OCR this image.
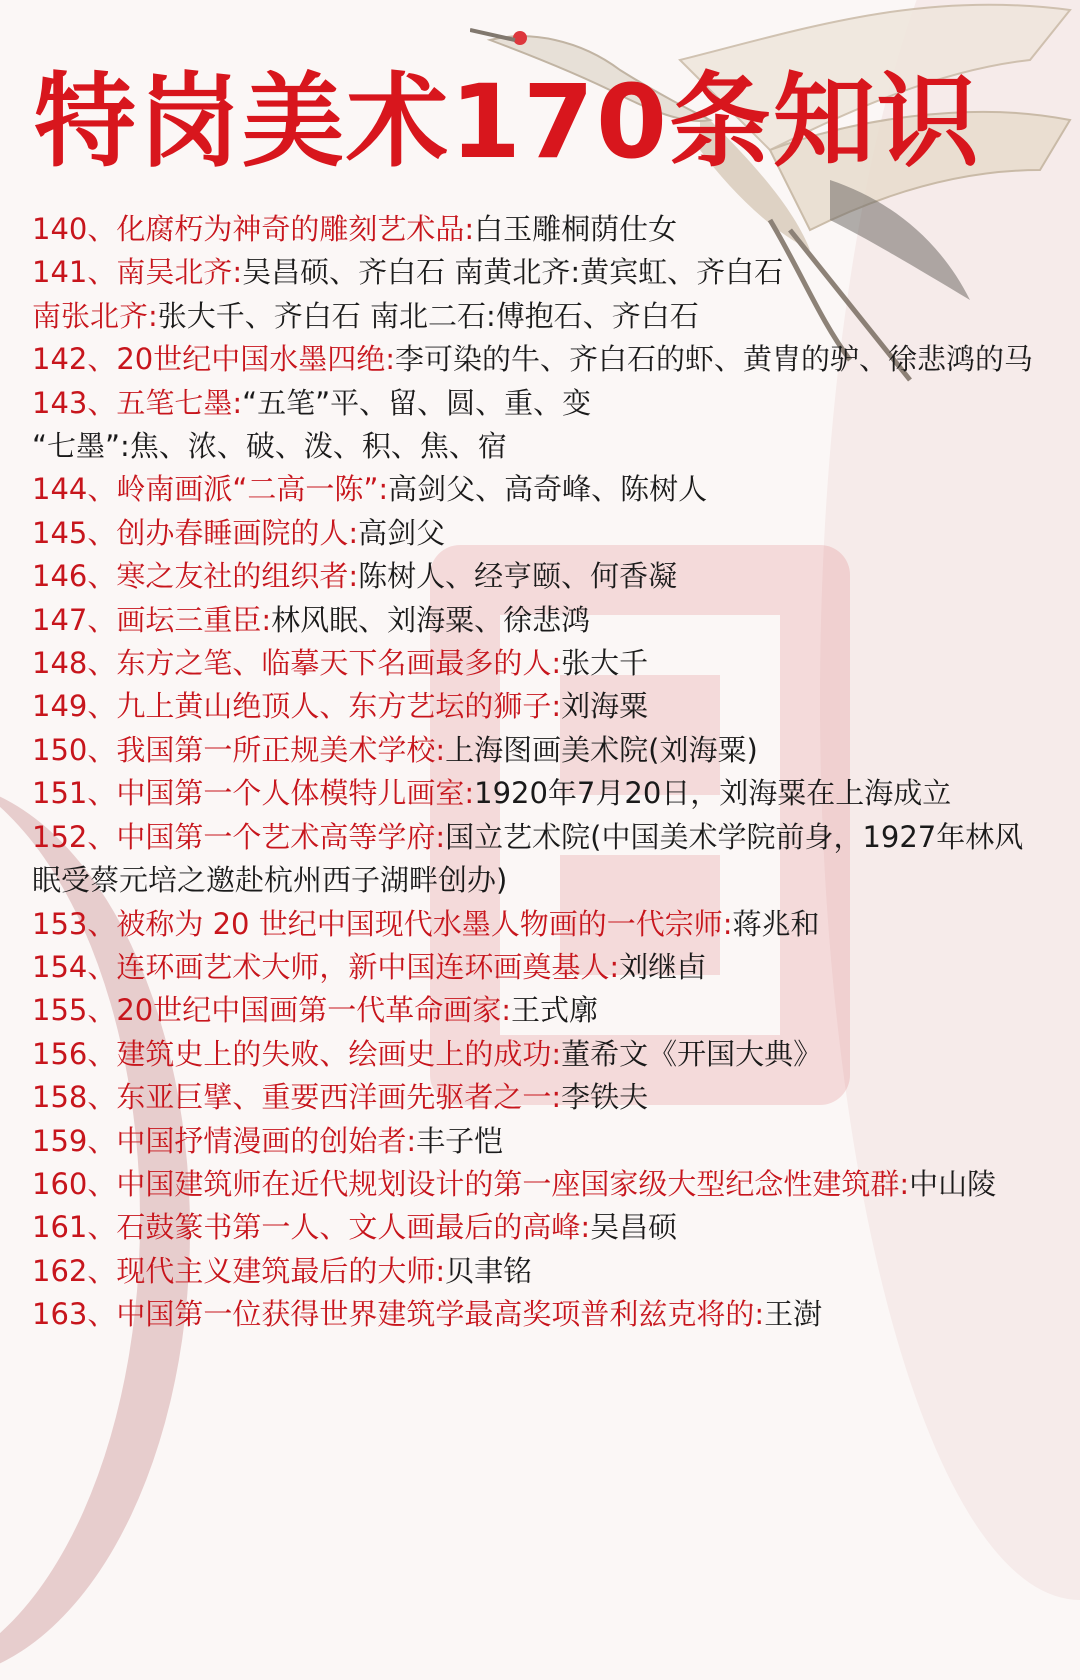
特岗美术170条知识
140、化腐朽为神奇的雕刻艺术品:白玉雕桐荫仕女
141、南吴北齐:吴昌硕、齐白石 南黄北齐:黄宾虹、齐白石
南张北齐:张大千、齐白石 南北二石:傅抱石、齐白石
142、20世纪中国水墨四绝:李可染的牛、齐白石的虾、黄胄的驴、徐悲鸿的马
143、五笔七墨:“五笔”平、留、圆、重、变
“七墨”:焦、浓、破、泼、积、焦、宿
144、岭南画派“二高一陈”:高剑父、高奇峰、陈树人
145、创办春睡画院的人:高剑父
146、寒之友社的组织者:陈树人、经亨颐、何香凝
147、画坛三重臣:林风眠、刘海粟、徐悲鸿
148、东方之笔、临摹天下名画最多的人:张大千
149、九上黄山绝顶人、东方艺坛的狮子:刘海粟
150、我国第一所正规美术学校:上海图画美术院(刘海粟)
151、中国第一个人体模特儿画室:1920年7月20日，刘海粟在上海成立
152、中国第一个艺术高等学府:国立艺术院(中国美术学院前身，1927年林风眠受蔡元培之邀赴杭州西子湖畔创办)
153、被称为 20 世纪中国现代水墨人物画的一代宗师:蒋兆和
154、连环画艺术大师，新中国连环画奠基人:刘继卣
155、20世纪中国画第一代革命画家:王式廓
156、建筑史上的失败、绘画史上的成功:董希文《开国大典》
158、东亚巨擘、重要西洋画先驱者之一:李铁夫
159、中国抒情漫画的创始者:丰子恺
160、中国建筑师在近代规划设计的第一座国家级大型纪念性建筑群:中山陵
161、石鼓篆书第一人、文人画最后的高峰:吴昌硕
162、现代主义建筑最后的大师:贝聿铭
163、中国第一位获得世界建筑学最高奖项普利兹克将的:王澍
